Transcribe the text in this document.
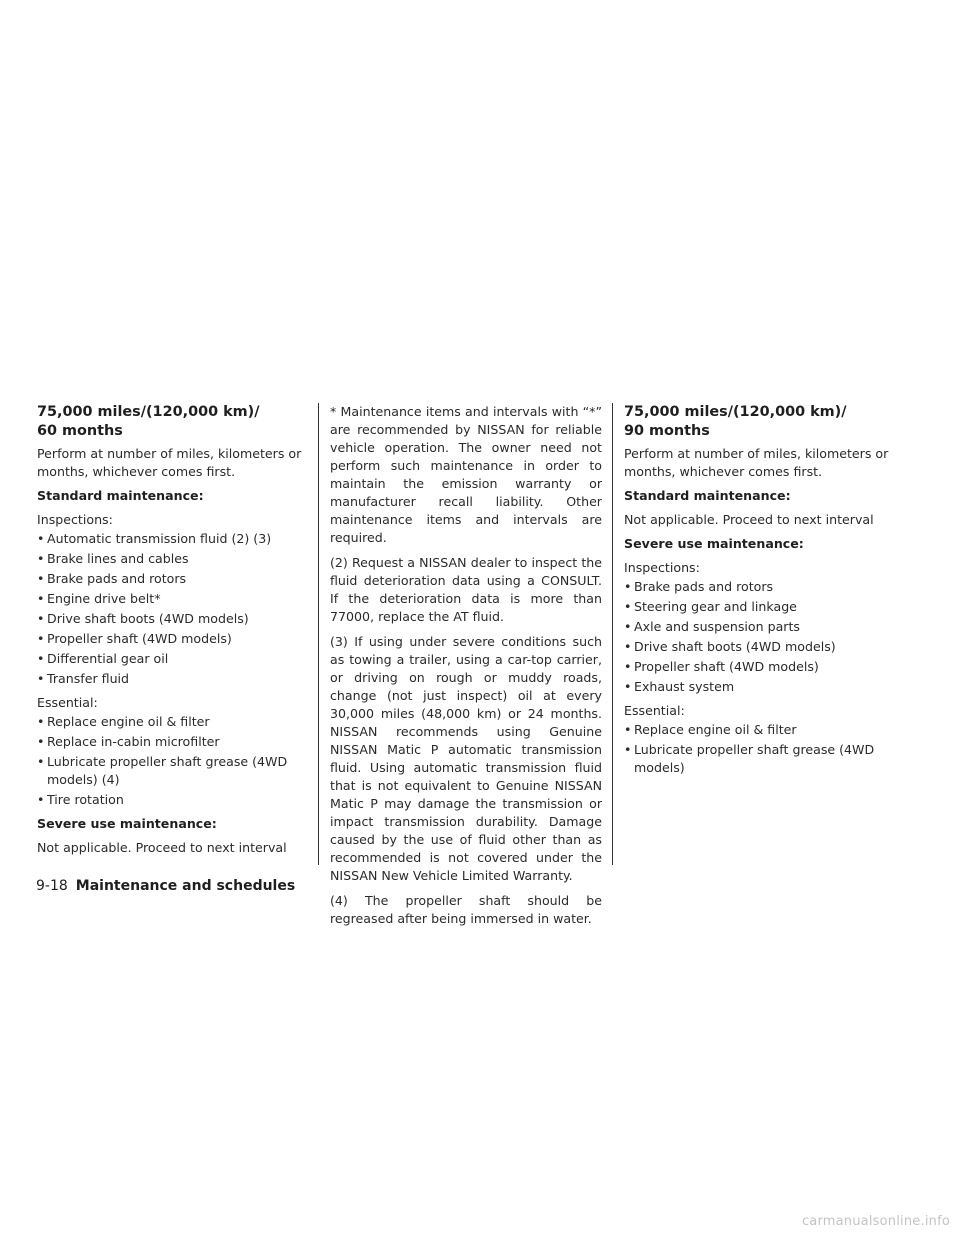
75,000 miles/(120,000 km)/
60 months

Perform at number of miles, kilometers or months, whichever comes first.

Standard maintenance:

Inspections:

• Automatic transmission fluid (2) (3)
• Brake lines and cables
• Brake pads and rotors
• Engine drive belt*
• Drive shaft boots (4WD models)
• Propeller shaft (4WD models)
• Differential gear oil
• Transfer fluid

Essential:

• Replace engine oil & filter
• Replace in-cabin microfilter
• Lubricate propeller shaft grease (4WD models) (4)
• Tire rotation

Severe use maintenance:

Not applicable. Proceed to next interval

* Maintenance items and intervals with “*” are recommended by NISSAN for reliable vehicle operation. The owner need not perform such maintenance in order to maintain the emission warranty or manufacturer recall liability. Other maintenance items and intervals are required.

(2) Request a NISSAN dealer to inspect the fluid deterioration data using a CONSULT. If the deterioration data is more than 77000, replace the AT fluid.

(3) If using under severe conditions such as towing a trailer, using a car-top carrier, or driving on rough or muddy roads, change (not just inspect) oil at every 30,000 miles (48,000 km) or 24 months. NISSAN recommends using Genuine NISSAN Matic P automatic transmission fluid. Using automatic transmission fluid that is not equivalent to Genuine NISSAN Matic P may damage the transmission or impact transmission durability. Damage caused by the use of fluid other than as recommended is not covered under the NISSAN New Vehicle Limited Warranty.

(4) The propeller shaft should be regreased after being immersed in water.

75,000 miles/(120,000 km)/
90 months

Perform at number of miles, kilometers or months, whichever comes first.

Standard maintenance:

Not applicable. Proceed to next interval

Severe use maintenance:

Inspections:

• Brake pads and rotors
• Steering gear and linkage
• Axle and suspension parts
• Drive shaft boots (4WD models)
• Propeller shaft (4WD models)
• Exhaust system

Essential:

• Replace engine oil & filter
• Lubricate propeller shaft grease (4WD models)
9-18 Maintenance and schedules
carmanualsonline.info
